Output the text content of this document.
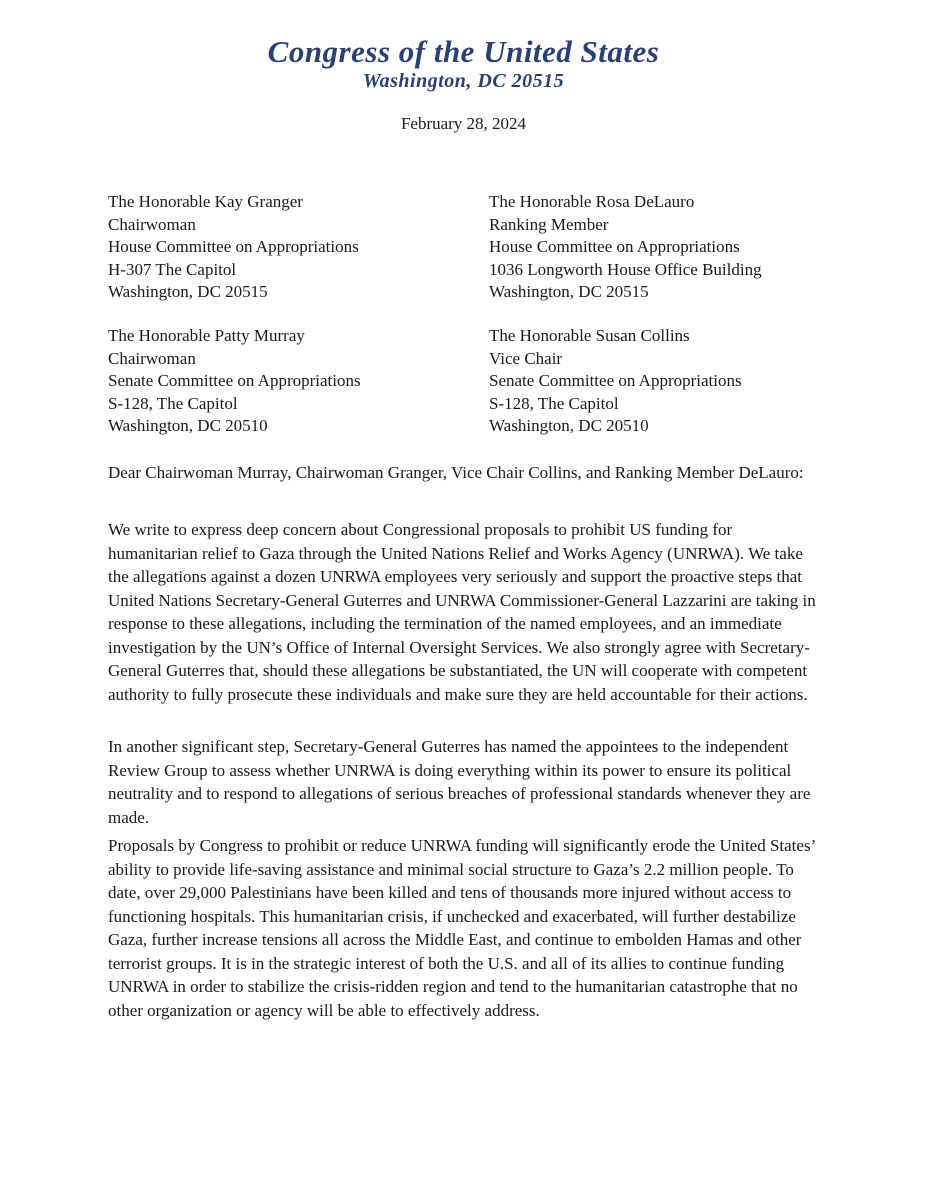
Congress of the United States
Washington, DC 20515
February 28, 2024
The Honorable Kay Granger
Chairwoman
House Committee on Appropriations
H-307 The Capitol
Washington, DC 20515
The Honorable Rosa DeLauro
Ranking Member
House Committee on Appropriations
1036 Longworth House Office Building
Washington, DC 20515
The Honorable Patty Murray
Chairwoman
Senate Committee on Appropriations
S-128, The Capitol
Washington, DC 20510
The Honorable Susan Collins
Vice Chair
Senate Committee on Appropriations
S-128, The Capitol
Washington, DC 20510
Dear Chairwoman Murray, Chairwoman Granger, Vice Chair Collins, and Ranking Member DeLauro:

We write to express deep concern about Congressional proposals to prohibit US funding for humanitarian relief to Gaza through the United Nations Relief and Works Agency (UNRWA). We take the allegations against a dozen UNRWA employees very seriously and support the proactive steps that United Nations Secretary-General Guterres and UNRWA Commissioner-General Lazzarini are taking in response to these allegations, including the termination of the named employees, and an immediate investigation by the UN’s Office of Internal Oversight Services. We also strongly agree with Secretary-General Guterres that, should these allegations be substantiated, the UN will cooperate with competent authority to fully prosecute these individuals and make sure they are held accountable for their actions.

In another significant step, Secretary-General Guterres has named the appointees to the independent Review Group to assess whether UNRWA is doing everything within its power to ensure its political neutrality and to respond to allegations of serious breaches of professional standards whenever they are made.

Proposals by Congress to prohibit or reduce UNRWA funding will significantly erode the United States’ ability to provide life-saving assistance and minimal social structure to Gaza’s 2.2 million people. To date, over 29,000 Palestinians have been killed and tens of thousands more injured without access to functioning hospitals. This humanitarian crisis, if unchecked and exacerbated, will further destabilize Gaza, further increase tensions all across the Middle East, and continue to embolden Hamas and other terrorist groups. It is in the strategic interest of both the U.S. and all of its allies to continue funding UNRWA in order to stabilize the crisis-ridden region and tend to the humanitarian catastrophe that no other organization or agency will be able to effectively address.
